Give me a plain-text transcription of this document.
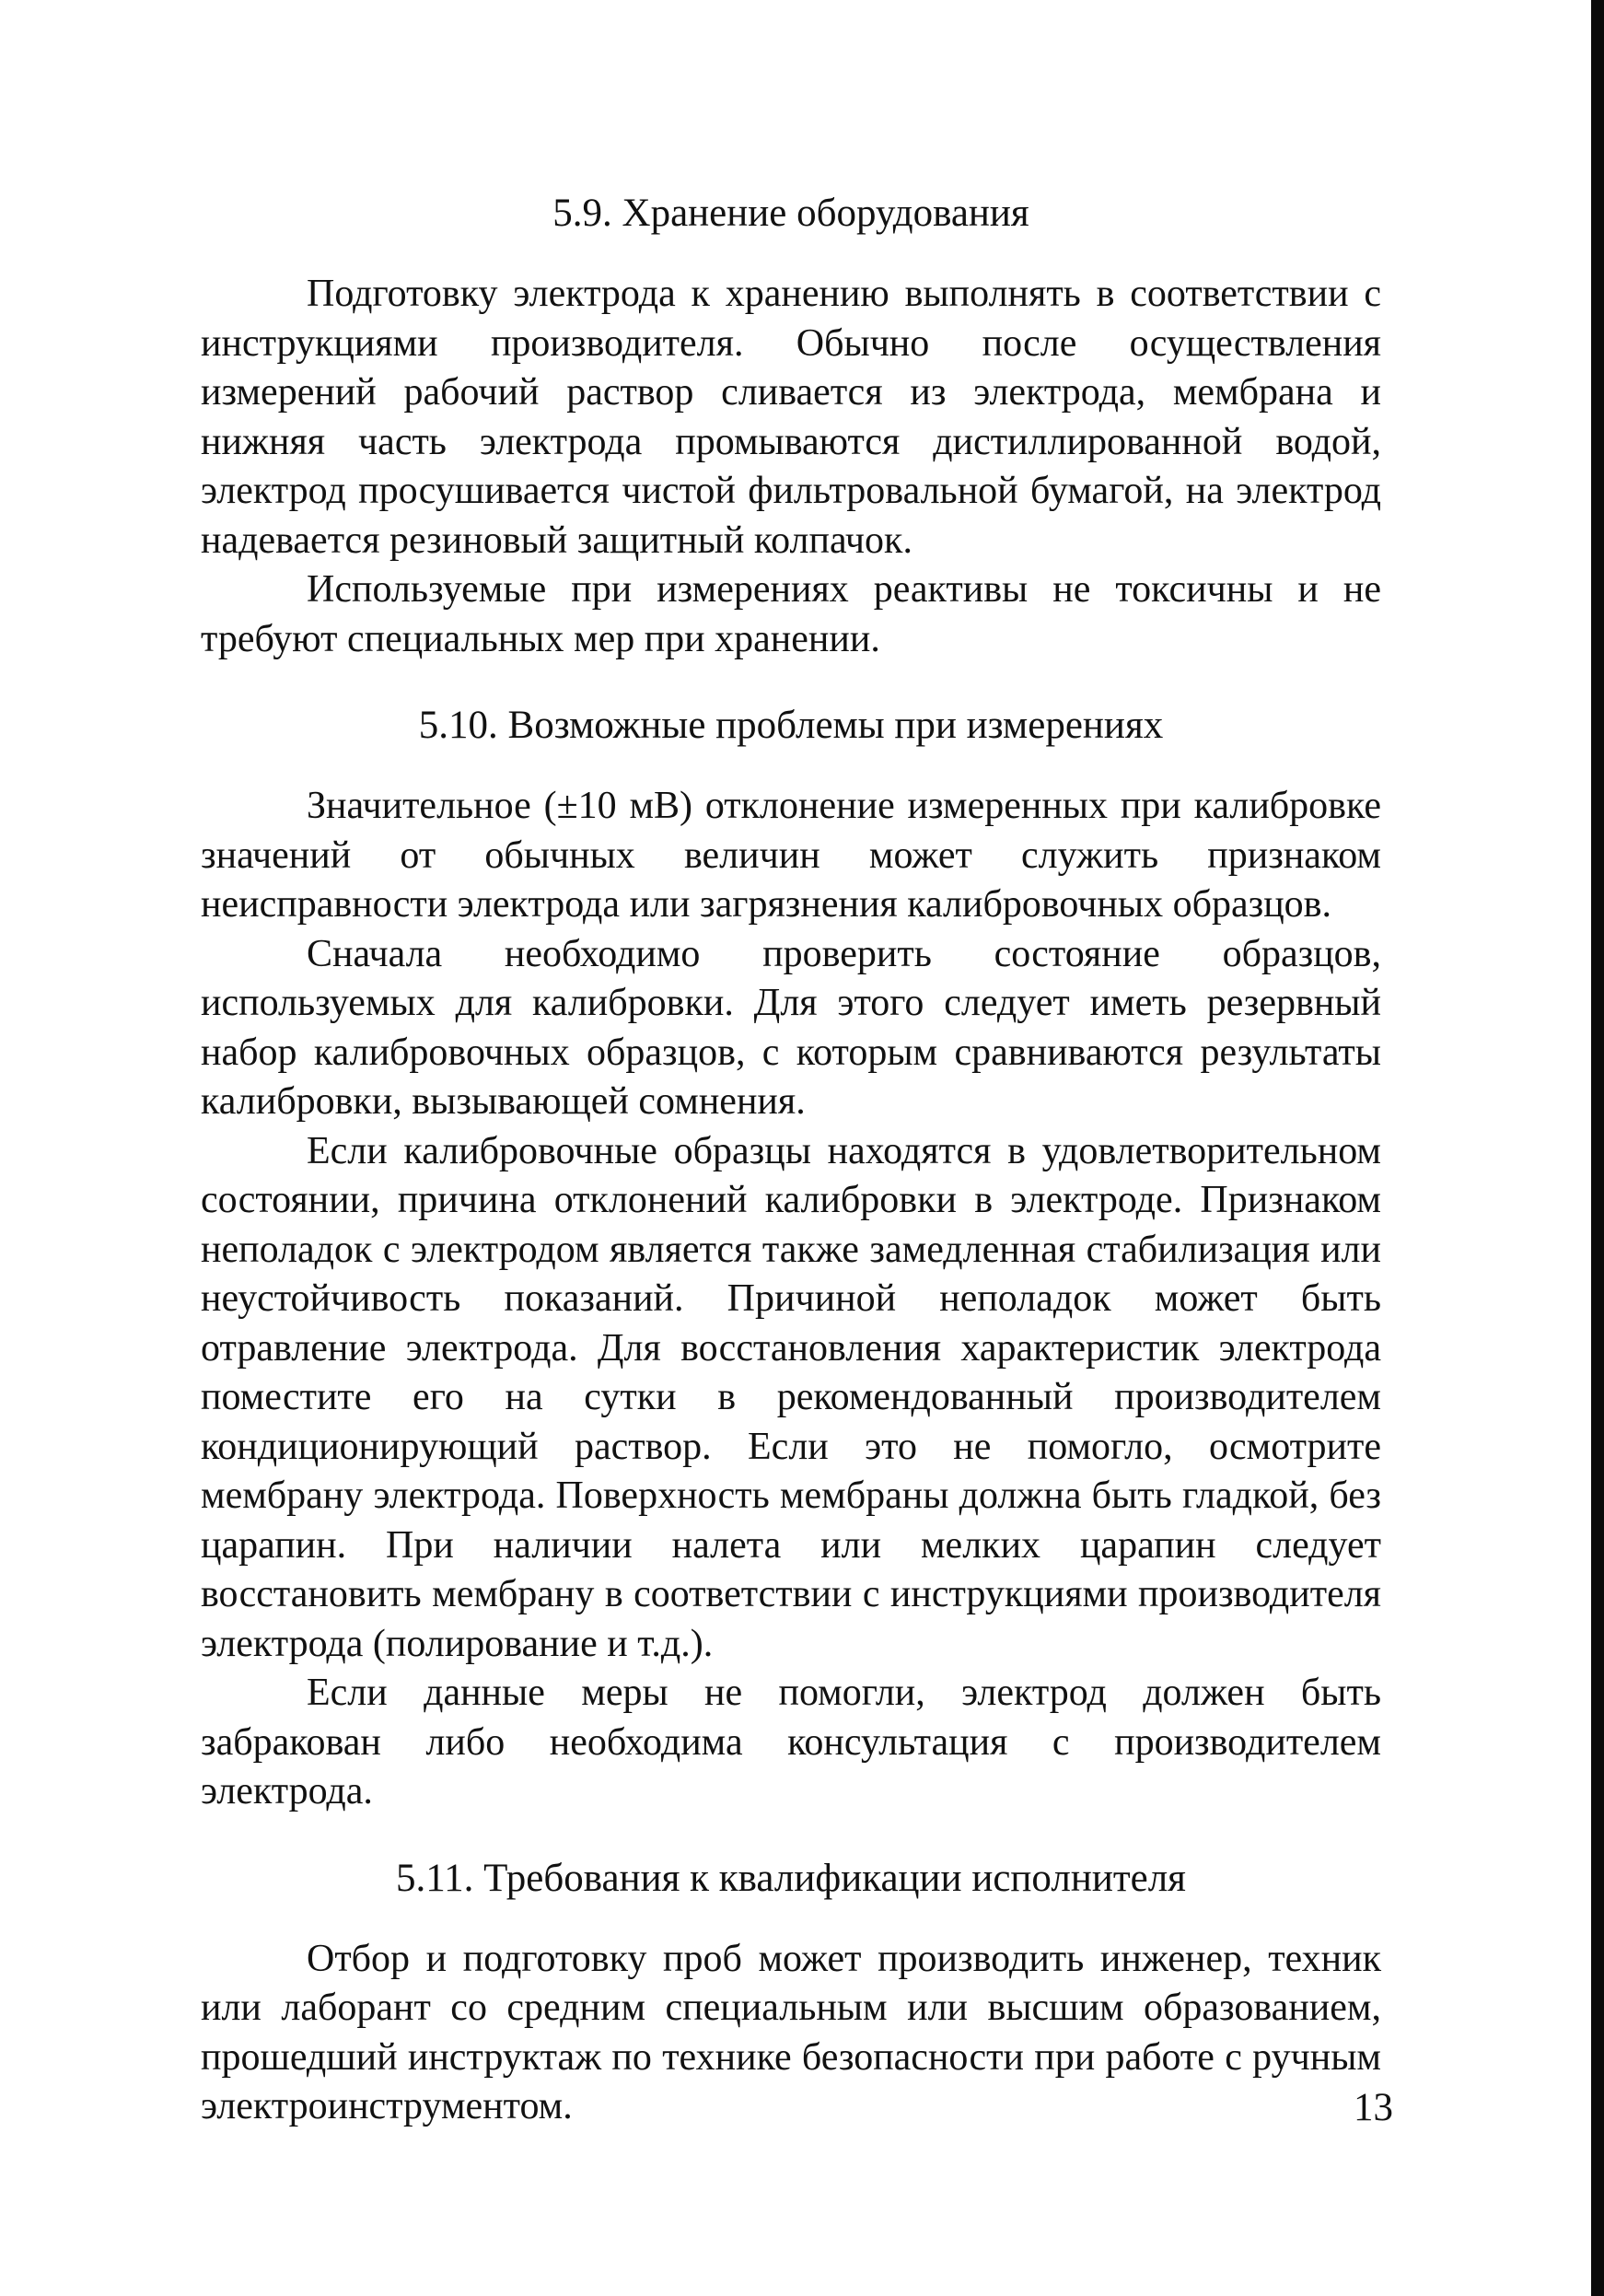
5.9. Хранение оборудования

Подготовку электрода к хранению выполнять в соответствии с инструкциями производителя. Обычно после осуществления измерений рабочий раствор сливается из электрода, мембрана и нижняя часть электрода промываются дистиллированной водой, электрод просушивается чистой фильтровальной бумагой, на электрод надевается резиновый защитный колпачок.

Используемые при измерениях реактивы не токсичны и не требуют специальных мер при хранении.

5.10. Возможные проблемы при измерениях

Значительное (±10 мВ) отклонение измеренных при калибровке значений от обычных величин может служить признаком неисправности электрода или загрязнения калибровочных образцов.

Сначала необходимо проверить состояние образцов, используемых для калибровки. Для этого следует иметь резервный набор калибровочных образцов, с которым сравниваются результаты калибровки, вызывающей сомнения.

Если калибровочные образцы находятся в удовлетворительном состоянии, причина отклонений калибровки в электроде. Признаком неполадок с электродом является также замедленная стабилизация или неустойчивость показаний. Причиной неполадок может быть отравление электрода. Для восстановления характеристик электрода поместите его на сутки в рекомендованный производителем кондиционирующий раствор. Если это не помогло, осмотрите мембрану электрода. Поверхность мембраны должна быть гладкой, без царапин. При наличии налета или мелких царапин следует восстановить мембрану в соответствии с инструкциями производителя электрода (полирование и т.д.).

Если данные меры не помогли, электрод должен быть забракован либо необходима консультация с производителем электрода.

5.11. Требования к квалификации исполнителя

Отбор и подготовку проб может производить инженер, техник или лаборант со средним специальным или высшим образованием, прошедший инструктаж по технике безопасности при работе с ручным электроинструментом.	13
